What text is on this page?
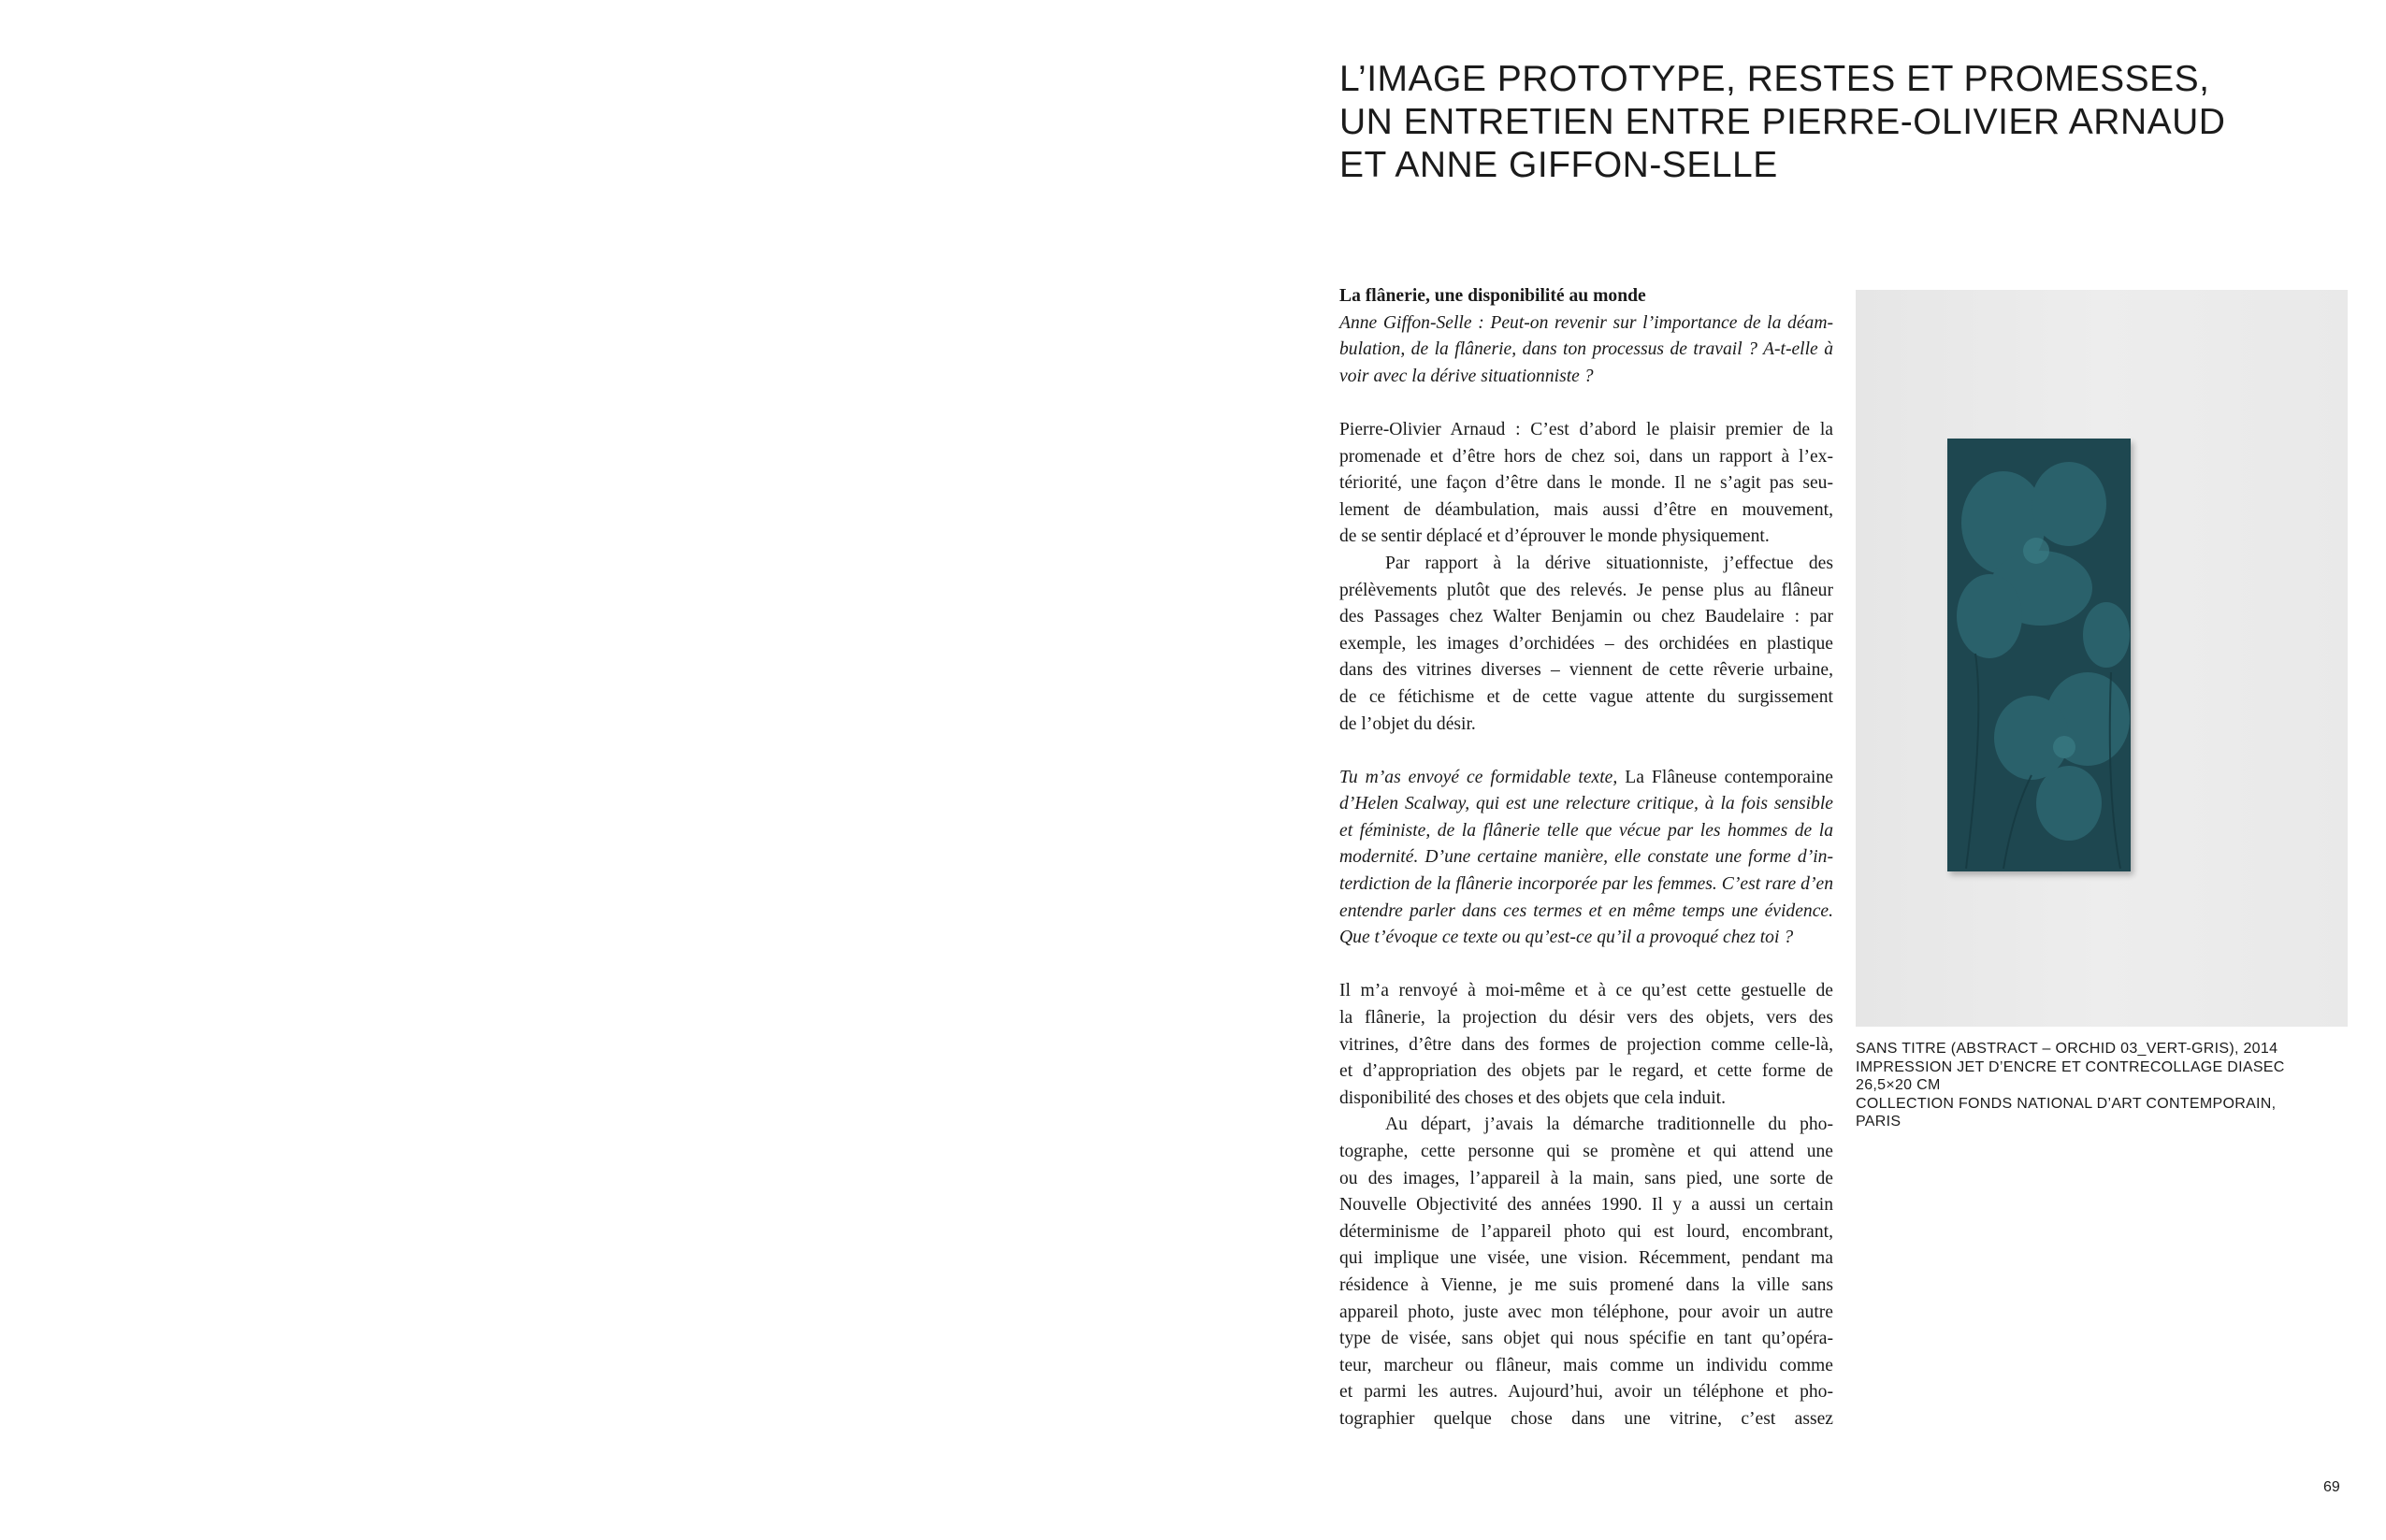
L’IMAGE PROTOTYPE, RESTES ET PROMESSES,
UN ENTRETIEN ENTRE PIERRE-OLIVIER ARNAUD
ET ANNE GIFFON-SELLE
La flânerie, une disponibilité au monde
Anne Giffon-Selle : Peut-on revenir sur l’importance de la déam-
bulation, de la flânerie, dans ton processus de travail ? A-t-elle à
voir avec la dérive situationniste ?
Pierre-Olivier Arnaud : C’est d’abord le plaisir premier de la
promenade et d’être hors de chez soi, dans un rapport à l’ex-
tériorité, une façon d’être dans le monde. Il ne s’agit pas seu-
lement de déambulation, mais aussi d’être en mouvement,
de se sentir déplacé et d’éprouver le monde physiquement.
Par rapport à la dérive situationniste, j’effectue des
prélèvements plutôt que des relevés. Je pense plus au flâneur
des Passages chez Walter Benjamin ou chez Baudelaire : par
exemple, les images d’orchidées – des orchidées en plastique
dans des vitrines diverses – viennent de cette rêverie urbaine,
de ce fétichisme et de cette vague attente du surgissement
de l’objet du désir.
Tu m’as envoyé ce formidable texte, La Flâneuse contemporaine
d’Helen Scalway, qui est une relecture critique, à la fois sensible
et féministe, de la flânerie telle que vécue par les hommes de la
modernité. D’une certaine manière, elle constate une forme d’in-
terdiction de la flânerie incorporée par les femmes. C’est rare d’en
entendre parler dans ces termes et en même temps une évidence.
Que t’évoque ce texte ou qu’est-ce qu’il a provoqué chez toi ?
Il m’a renvoyé à moi-même et à ce qu’est cette gestuelle de
la flânerie, la projection du désir vers des objets, vers des
vitrines, d’être dans des formes de projection comme celle-là,
et d’appropriation des objets par le regard, et cette forme de
disponibilité des choses et des objets que cela induit.
Au départ, j’avais la démarche traditionnelle du pho-
tographe, cette personne qui se promène et qui attend une
ou des images, l’appareil à la main, sans pied, une sorte de
Nouvelle Objectivité des années 1990. Il y a aussi un certain
déterminisme de l’appareil photo qui est lourd, encombrant,
qui implique une visée, une vision. Récemment, pendant ma
résidence à Vienne, je me suis promené dans la ville sans
appareil photo, juste avec mon téléphone, pour avoir un autre
type de visée, sans objet qui nous spécifie en tant qu’opéra-
teur, marcheur ou flâneur, mais comme un individu comme
et parmi les autres. Aujourd’hui, avoir un téléphone et pho-
tographier quelque chose dans une vitrine, c’est assez
SANS TITRE (ABSTRACT – ORCHID 03_VERT-GRIS), 2014
IMPRESSION JET D’ENCRE ET CONTRECOLLAGE DIASEC
26,5×20 CM
COLLECTION FONDS NATIONAL D’ART CONTEMPORAIN,
PARIS
69
